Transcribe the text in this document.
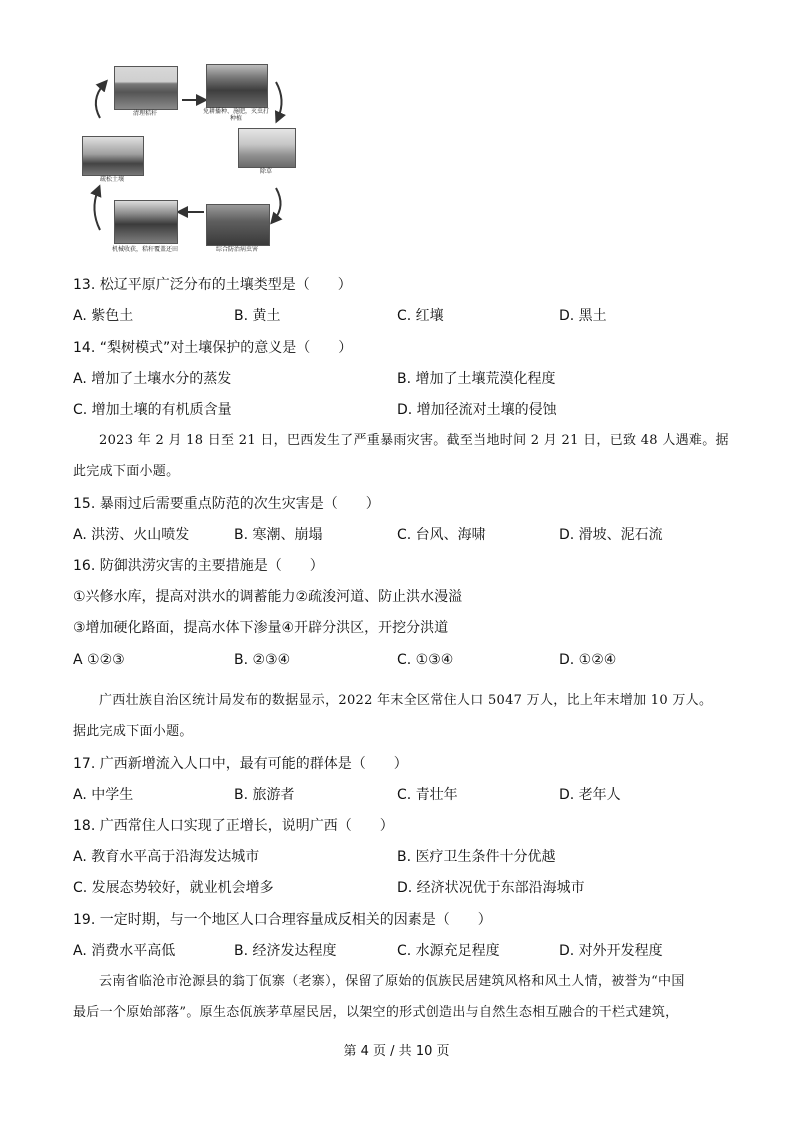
清理秸秆	免耕播种、施肥，灭虫打种植
除草
综合防治病虫害
机械收获，秸秆覆盖还田
疏松土壤
13. 松辽平原广泛分布的土壤类型是（　　）
A. 紫色土	B. 黄土	C. 红壤	D. 黑土
14. “梨树模式”对土壤保护的意义是（　　）
A. 增加了土壤水分的蒸发	B. 增加了土壤荒漠化程度
C. 增加土壤的有机质含量	D. 增加径流对土壤的侵蚀
2023 年 2 月 18 日至 21 日，巴西发生了严重暴雨灾害。截至当地时间 2 月 21 日，已致 48 人遇难。据
此完成下面小题。
15. 暴雨过后需要重点防范的次生灾害是（　　）
A. 洪涝、火山喷发	B. 寒潮、崩塌	C. 台风、海啸	D. 滑坡、泥石流
16. 防御洪涝灾害的主要措施是（　　）
①兴修水库，提高对洪水的调蓄能力②疏浚河道、防止洪水漫溢
③增加硬化路面，提高水体下渗量④开辟分洪区，开挖分洪道
A ①②③	B. ②③④	C. ①③④	D. ①②④
广西壮族自治区统计局发布的数据显示，2022 年末全区常住人口 5047 万人，比上年末增加 10 万人。
据此完成下面小题。
17. 广西新增流入人口中，最有可能的群体是（　　）
A. 中学生	B. 旅游者	C. 青壮年	D. 老年人
18. 广西常住人口实现了正增长，说明广西（　　）
A. 教育水平高于沿海发达城市	B. 医疗卫生条件十分优越
C. 发展态势较好，就业机会增多	D. 经济状况优于东部沿海城市
19. 一定时期，与一个地区人口合理容量成反相关的因素是（　　）
A. 消费水平高低	B. 经济发达程度	C. 水源充足程度	D. 对外开发程度
云南省临沧市沧源县的翁丁佤寨（老寨），保留了原始的佤族民居建筑风格和风土人情，被誉为“中国
最后一个原始部落”。原生态佤族茅草屋民居，以架空的形式创造出与自然生态相互融合的干栏式建筑，
第 4 页 / 共 10 页
